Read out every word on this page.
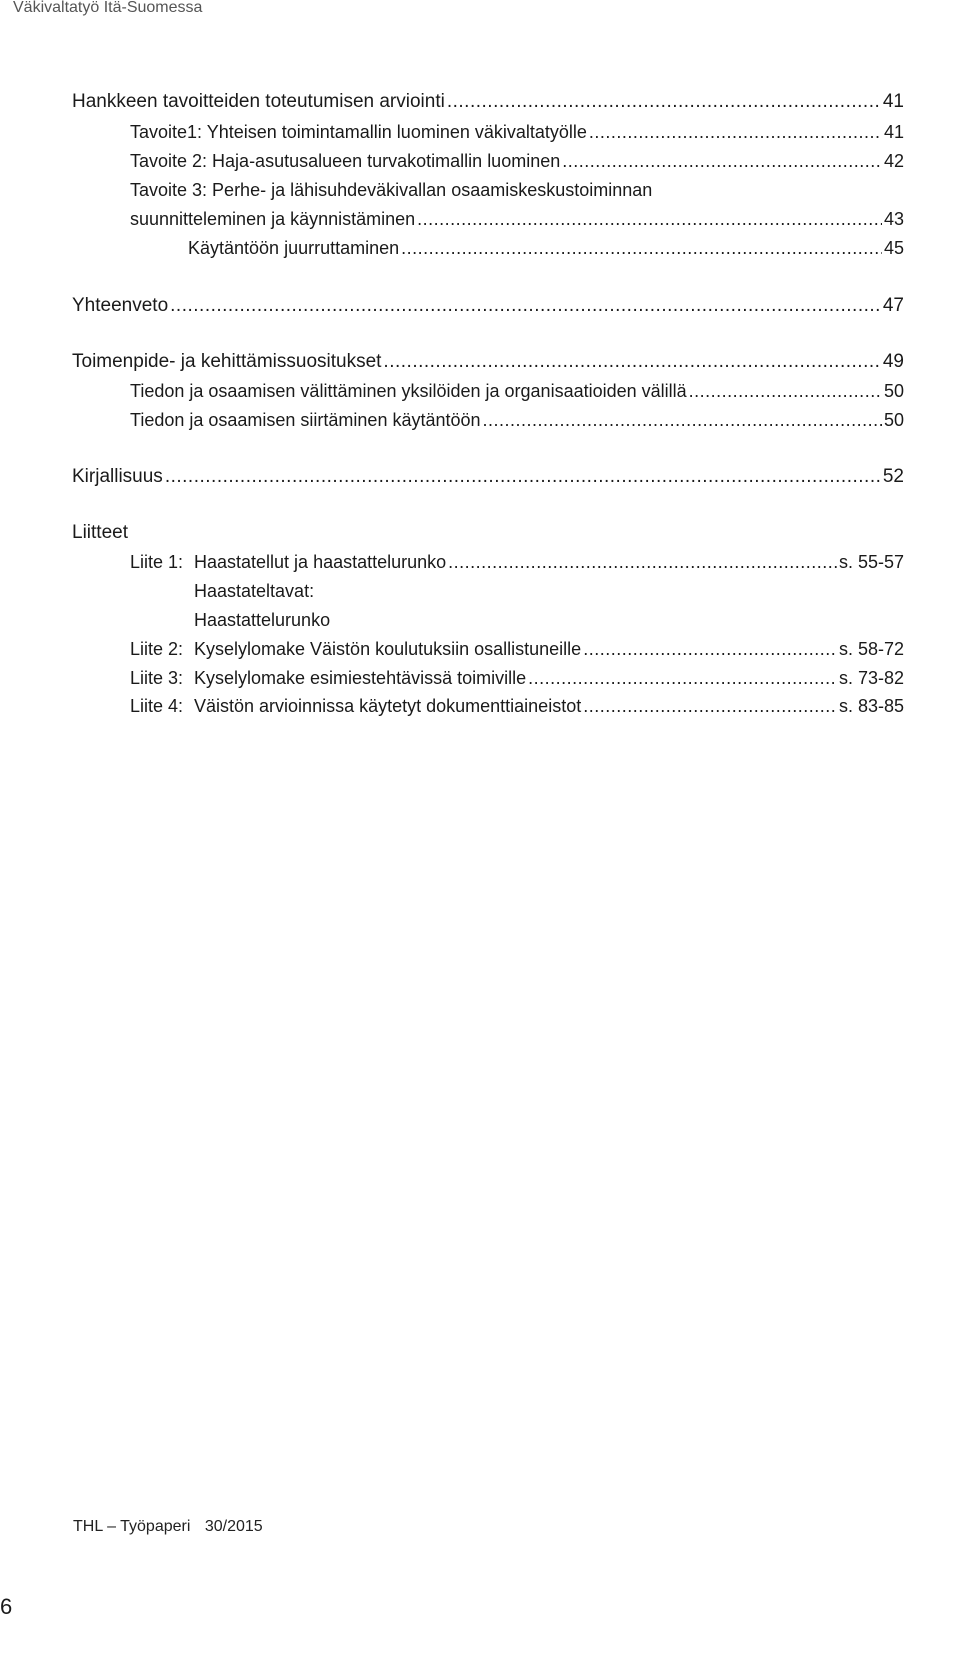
Väkivaltatyö Itä-Suomessa
Hankkeen tavoitteiden toteutumisen arviointi .....	41
Tavoite1: Yhteisen toimintamallin luominen väkivaltatyölle .....	41
Tavoite 2: Haja-asutusalueen turvakotimallin luominen .....	42
Tavoite 3: Perhe- ja lähisuhdeväkivallan osaamiskeskustoiminnan
suunnitteleminen ja käynnistäminen .....	43
Käytäntöön juurruttaminen .....	45
Yhteenveto .....	47
Toimenpide- ja kehittämissuositukset .....	49
Tiedon ja osaamisen välittäminen yksilöiden ja organisaatioiden välillä .....	50
Tiedon ja osaamisen siirtäminen käytäntöön .....	50
Kirjallisuus .....	52
Liitteet
Liite 1: Haastatellut ja haastattelurunko .....	s. 55-57
Haastateltavat:
Haastattelurunko
Liite 2: Kyselylomake Väistön koulutuksiin osallistuneille .....	s. 58-72
Liite 3: Kyselylomake esimiestehtävissä toimiville .....	s. 73-82
Liite 4: Väistön arvioinnissa käytetyt dokumenttiaineistot .....	s. 83-85
THL – Työpaperi 30/2015
6
